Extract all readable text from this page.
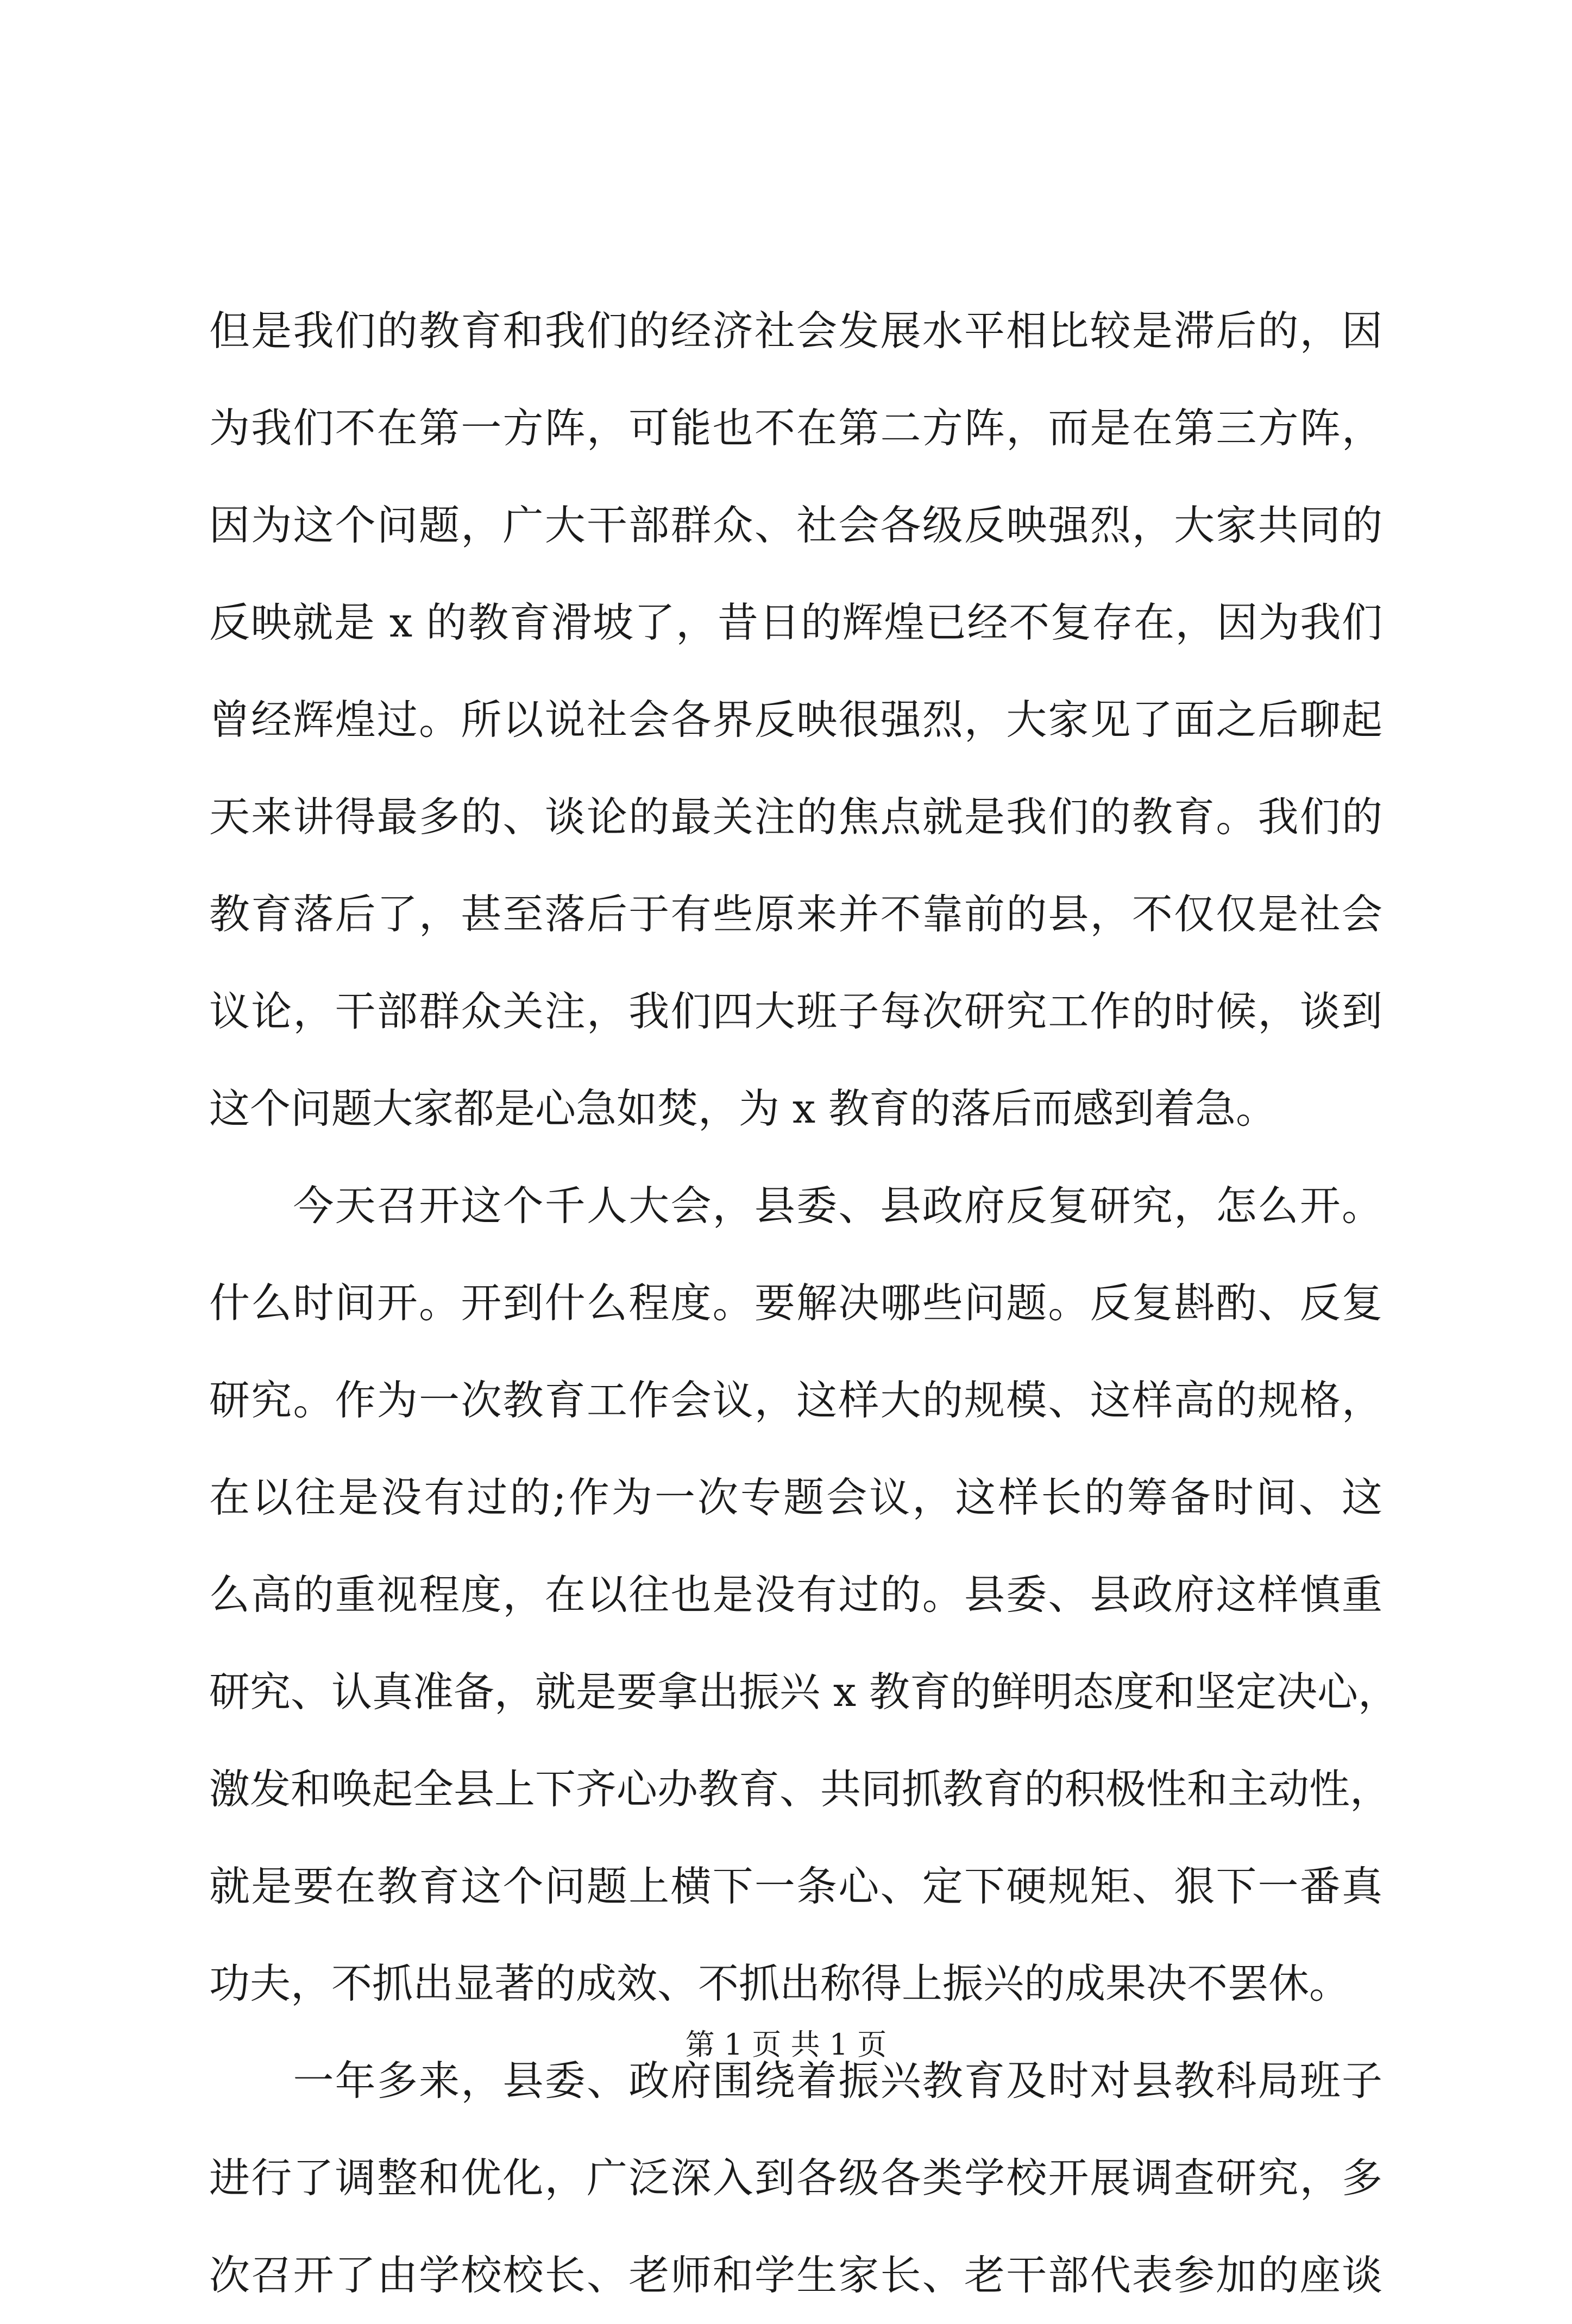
但是我们的教育和我们的经济社会发展水平相比较是滞后的，因
为我们不在第一方阵，可能也不在第二方阵，而是在第三方阵，
因为这个问题，广大干部群众、社会各级反映强烈，大家共同的
反映就是 x 的教育滑坡了，昔日的辉煌已经不复存在，因为我们
曾经辉煌过。所以说社会各界反映很强烈，大家见了面之后聊起
天来讲得最多的、谈论的最关注的焦点就是我们的教育。我们的
教育落后了，甚至落后于有些原来并不靠前的县，不仅仅是社会
议论，干部群众关注，我们四大班子每次研究工作的时候，谈到
这个问题大家都是心急如焚，为 x 教育的落后而感到着急。
　　今天召开这个千人大会，县委、县政府反复研究，怎么开。
什么时间开。开到什么程度。要解决哪些问题。反复斟酌、反复
研究。作为一次教育工作会议，这样大的规模、这样高的规格，
在以往是没有过的;作为一次专题会议，这样长的筹备时间、这
么高的重视程度，在以往也是没有过的。县委、县政府这样慎重
研究、认真准备，就是要拿出振兴 x 教育的鲜明态度和坚定决心，
激发和唤起全县上下齐心办教育、共同抓教育的积极性和主动性，
就是要在教育这个问题上横下一条心、定下硬规矩、狠下一番真
功夫，不抓出显著的成效、不抓出称得上振兴的成果决不罢休。
　　一年多来，县委、政府围绕着振兴教育及时对县教科局班子
进行了调整和优化，广泛深入到各级各类学校开展调查研究，多
次召开了由学校校长、老师和学生家长、老干部代表参加的座谈
第 1 页 共 1 页
